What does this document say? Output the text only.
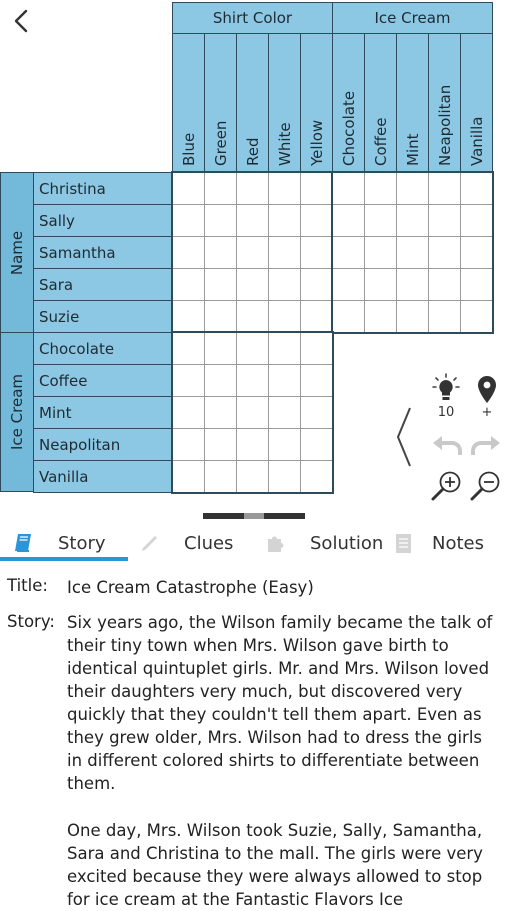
Shirt Color	Ice Cream
Blue Green Red White Yellow Chocolate Coffee Mint Neapolitan Vanilla
Name
Ice Cream
Christina
Sally
Samantha
Sara
Suzie
Chocolate
Coffee
Mint
Neapolitan
Vanilla
10	+
Story	Clues	Solution	Notes
Title: Ice Cream Catastrophe (Easy)
Story: Six years ago, the Wilson family became the talk of their tiny town when Mrs. Wilson gave birth to identical quintuplet girls. Mr. and Mrs. Wilson loved their daughters very much, but discovered very quickly that they couldn't tell them apart. Even as they grew older, Mrs. Wilson had to dress the girls in different colored shirts to differentiate between them.
One day, Mrs. Wilson took Suzie, Sally, Samantha, Sara and Christina to the mall. The girls were very excited because they were always allowed to stop for ice cream at the Fantastic Flavors Ice
